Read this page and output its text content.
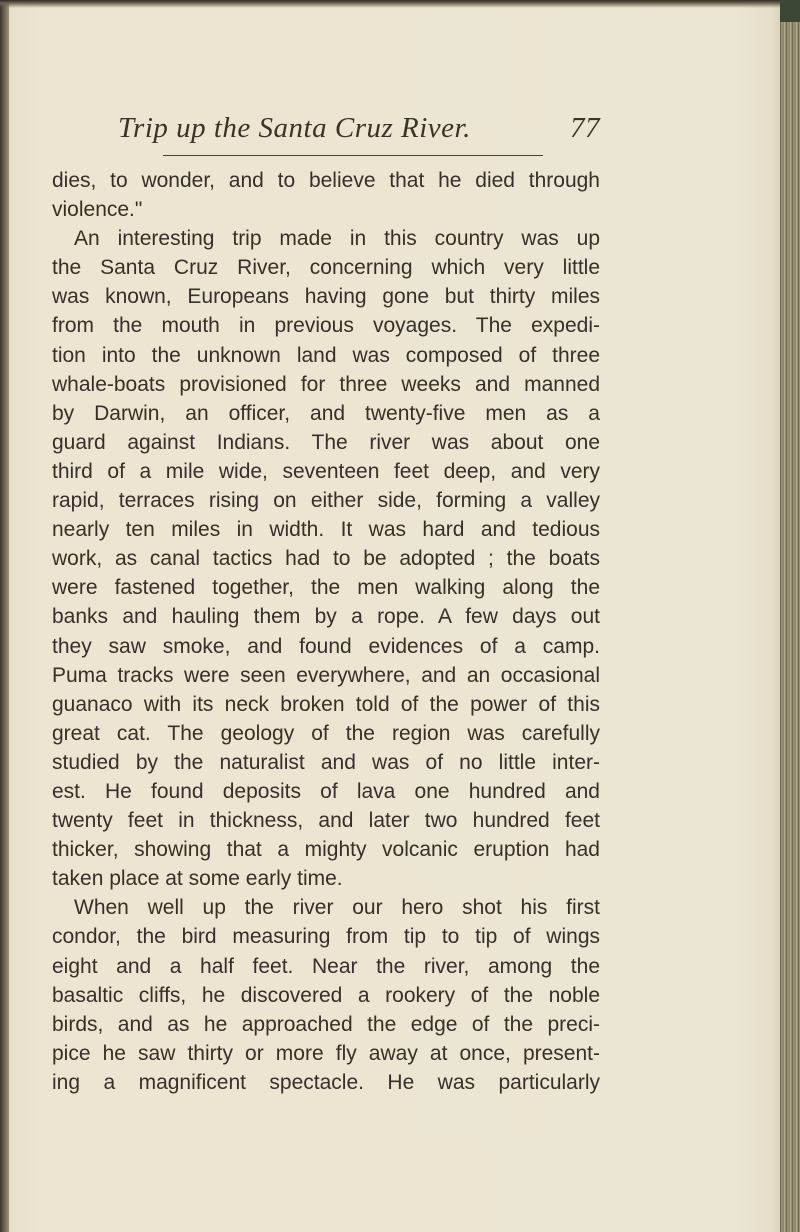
Trip up the Santa Cruz River.	77
dies, to wonder, and to believe that he died through
violence."
An interesting trip made in this country was up
the Santa Cruz River, concerning which very little
was known, Europeans having gone but thirty miles
from the mouth in previous voyages. The expedi-
tion into the unknown land was composed of three
whale-boats provisioned for three weeks and manned
by Darwin, an officer, and twenty-five men as a
guard against Indians. The river was about one
third of a mile wide, seventeen feet deep, and very
rapid, terraces rising on either side, forming a valley
nearly ten miles in width. It was hard and tedious
work, as canal tactics had to be adopted ; the boats
were fastened together, the men walking along the
banks and hauling them by a rope. A few days out
they saw smoke, and found evidences of a camp.
Puma tracks were seen everywhere, and an occasional
guanaco with its neck broken told of the power of this
great cat. The geology of the region was carefully
studied by the naturalist and was of no little inter-
est. He found deposits of lava one hundred and
twenty feet in thickness, and later two hundred feet
thicker, showing that a mighty volcanic eruption had
taken place at some early time.
When well up the river our hero shot his first
condor, the bird measuring from tip to tip of wings
eight and a half feet. Near the river, among the
basaltic cliffs, he discovered a rookery of the noble
birds, and as he approached the edge of the preci-
pice he saw thirty or more fly away at once, present-
ing a magnificent spectacle. He was particularly
